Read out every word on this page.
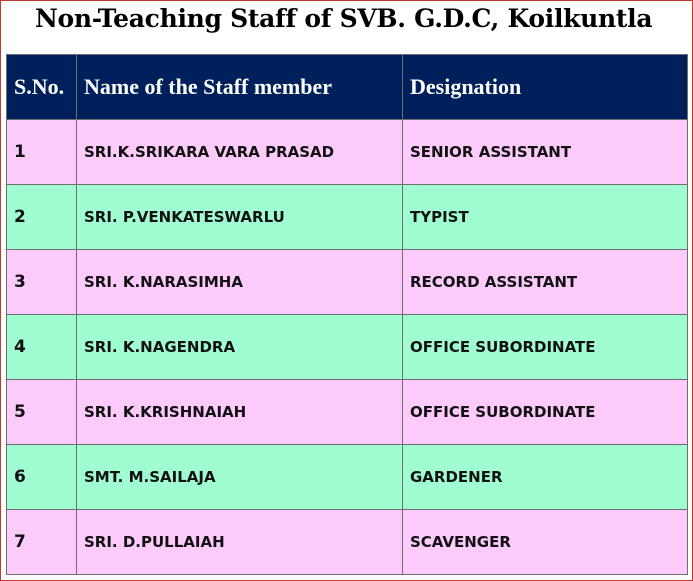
Non-Teaching Staff of SVB. G.D.C, Koilkuntla
S.No.	Name of the Staff member	Designation
1	SRI.K.SRIKARA VARA PRASAD	SENIOR ASSISTANT
2	SRI. P.VENKATESWARLU	TYPIST
3	SRI. K.NARASIMHA	RECORD ASSISTANT
4	SRI. K.NAGENDRA	OFFICE SUBORDINATE
5	SRI. K.KRISHNAIAH	OFFICE SUBORDINATE
6	SMT. M.SAILAJA	GARDENER
7	SRI. D.PULLAIAH	SCAVENGER
